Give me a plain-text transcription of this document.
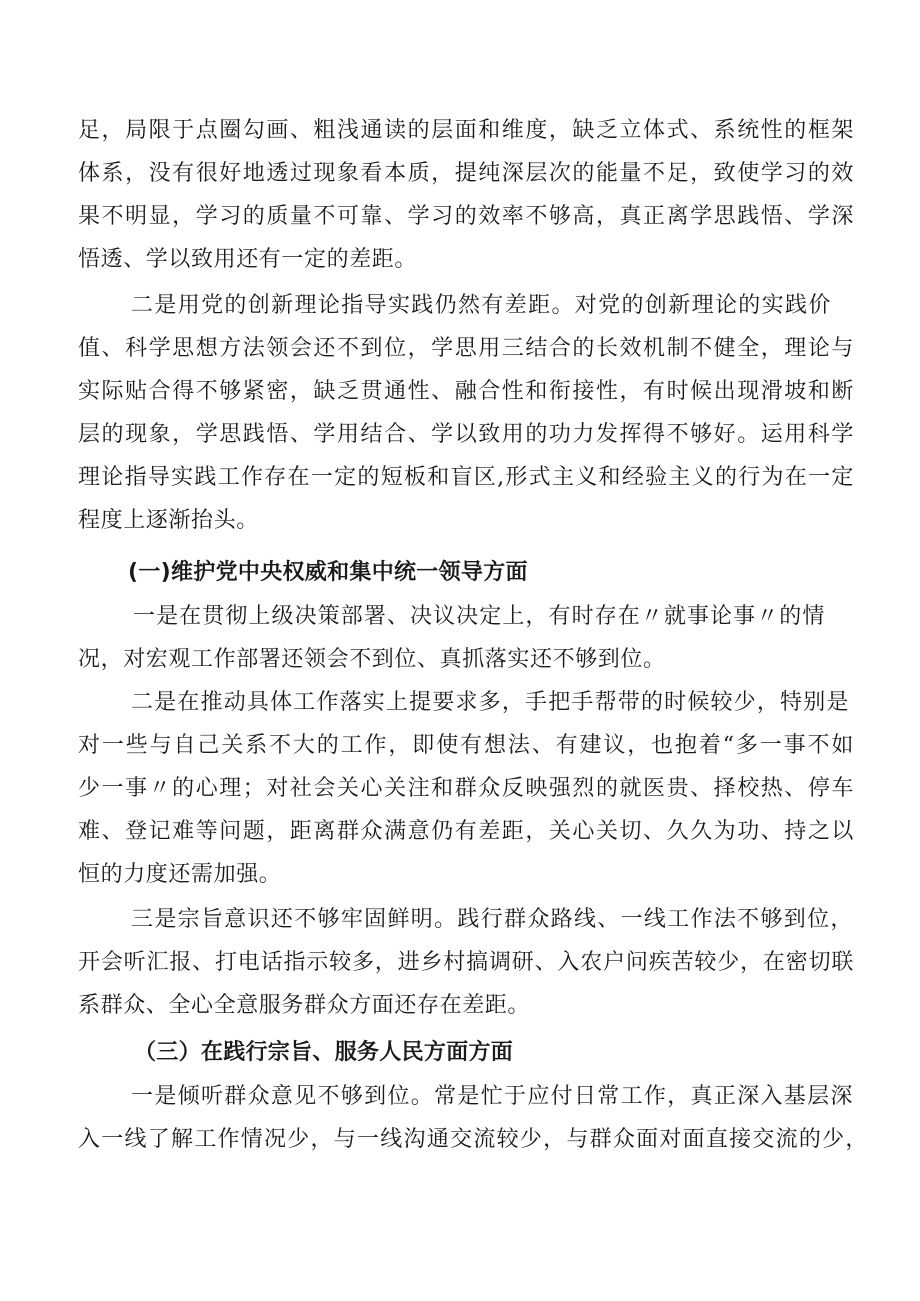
足，局限于点圈勾画、粗浅通读的层面和维度，缺乏立体式、系统性的框架
体系，没有很好地透过现象看本质，提纯深层次的能量不足，致使学习的效
果不明显，学习的质量不可靠、学习的效率不够高，真正离学思践悟、学深
悟透、学以致用还有一定的差距。
二是用党的创新理论指导实践仍然有差距。对党的创新理论的实践价
值、科学思想方法领会还不到位，学思用三结合的长效机制不健全，理论与
实际贴合得不够紧密，缺乏贯通性、融合性和衔接性，有时候出现滑坡和断
层的现象，学思践悟、学用结合、学以致用的功力发挥得不够好。运用科学
理论指导实践工作存在一定的短板和盲区,形式主义和经验主义的行为在一定
程度上逐渐抬头。
(一)维护党中央权威和集中统一领导方面
一是在贯彻上级决策部署、决议决定上，有时存在〃就事论事〃的情
况，对宏观工作部署还领会不到位、真抓落实还不够到位。
二是在推动具体工作落实上提要求多，手把手帮带的时候较少，特别是
对一些与自己关系不大的工作，即使有想法、有建议，也抱着“多一事不如
少一事〃的心理；对社会关心关注和群众反映强烈的就医贵、择校热、停车
难、登记难等问题，距离群众满意仍有差距，关心关切、久久为功、持之以
恒的力度还需加强。
三是宗旨意识还不够牢固鲜明。践行群众路线、一线工作法不够到位，
开会听汇报、打电话指示较多，进乡村搞调研、入农户问疾苦较少，在密切联
系群众、全心全意服务群众方面还存在差距。
（三）在践行宗旨、服务人民方面方面
一是倾听群众意见不够到位。常是忙于应付日常工作，真正深入基层深
入一线了解工作情况少，与一线沟通交流较少，与群众面对面直接交流的少，
